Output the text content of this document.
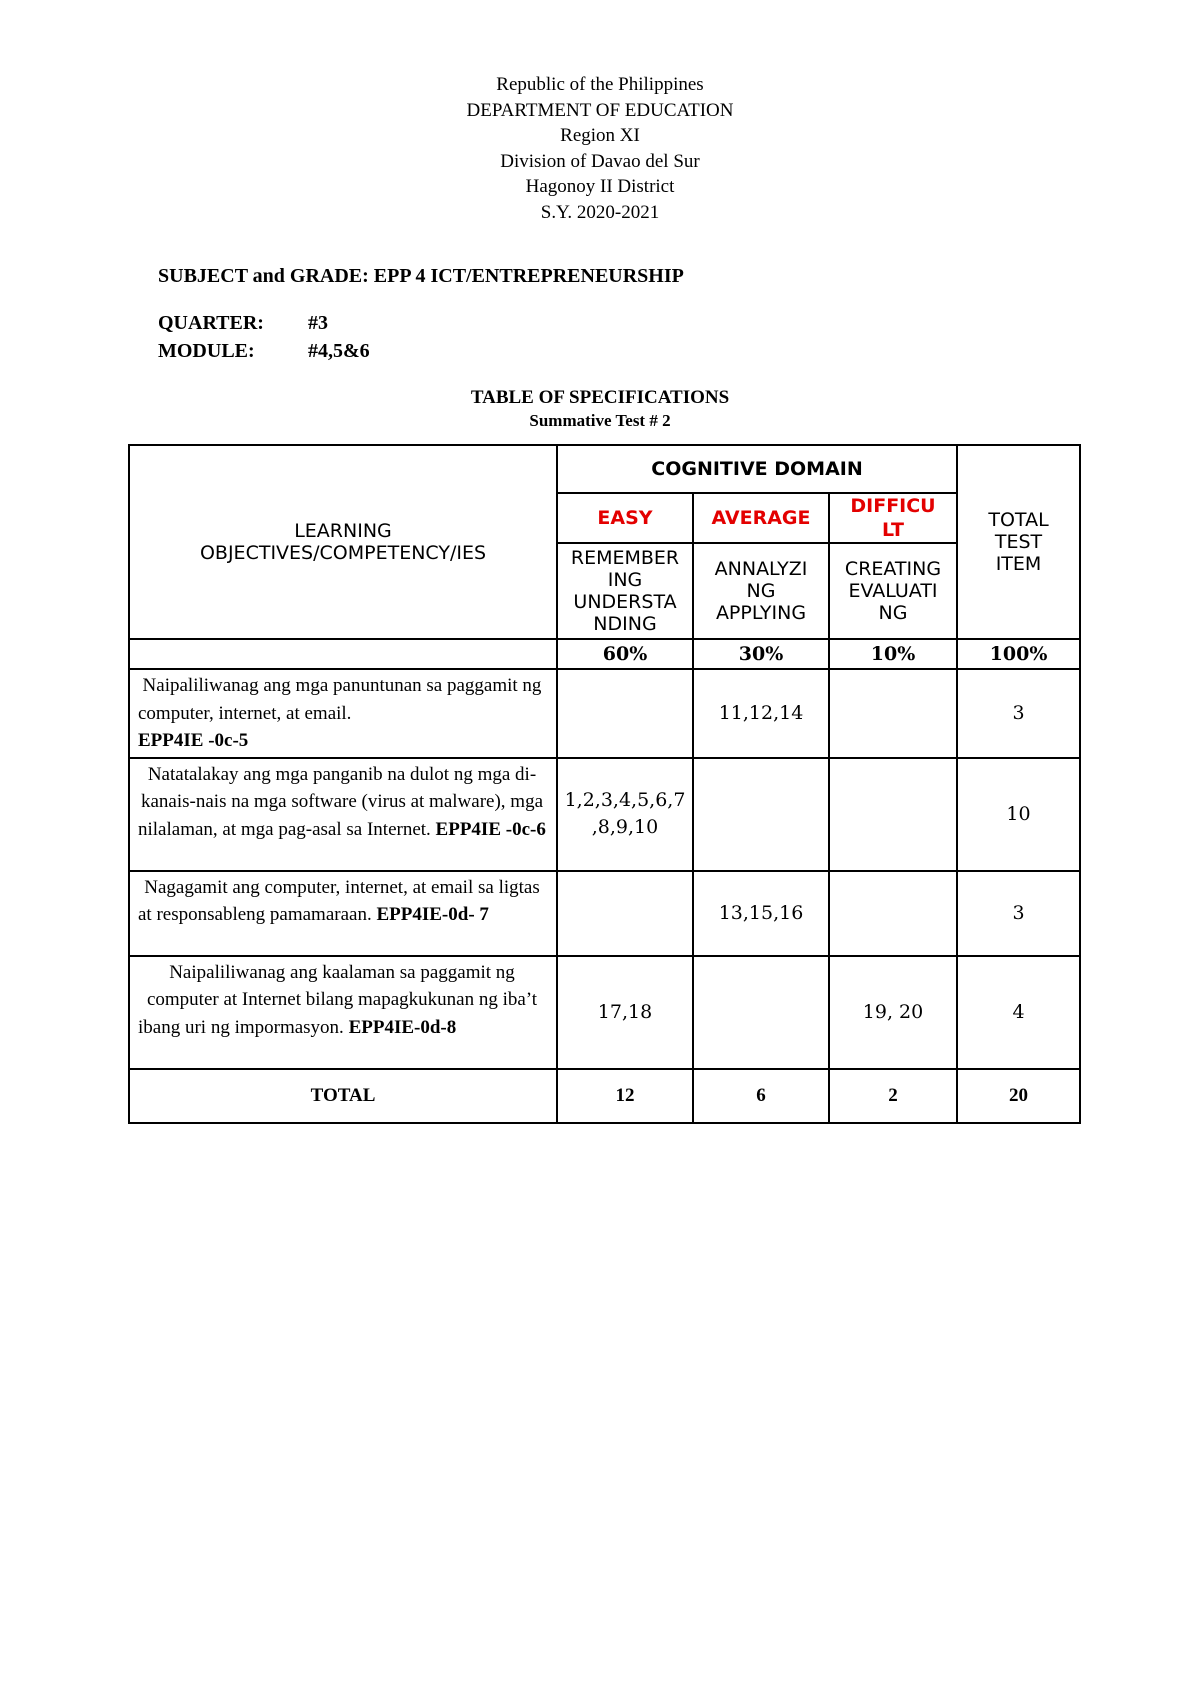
Republic of the Philippines
DEPARTMENT OF EDUCATION
Region XI
Division of Davao del Sur
Hagonoy II District
S.Y. 2020-2021
SUBJECT and GRADE: EPP 4 ICT/ENTREPRENEURSHIP
QUARTER: #3
MODULE:	#4,5&6
TABLE OF SPECIFICATIONS
Summative Test # 2
LEARNING OBJECTIVES/COMPETENCY/IES	COGNITIVE DOMAIN			TOTAL TEST ITEM
	EASY	AVERAGE	DIFFICU LT	
	REMEMBER ING UNDERSTA NDING	ANNALYZI NG APPLYING	CREATING EVALUATI NG	
	60%	30%	10%	100%
Naipaliliwanag ang mga panuntunan sa paggamit ng computer, internet, at email.
EPP4IE -0c-5		11,12,14		3
Natatalakay ang mga panganib na dulot ng mga di-kanais-nais na mga software (virus at malware), mga nilalaman, at mga pag-asal sa Internet. EPP4IE -0c-6	1,2,3,4,5,6,7 ,8,9,10			10
Nagagamit ang computer, internet, at email sa ligtas at responsableng pamamaraan. EPP4IE-0d- 7		13,15,16		3
Naipaliliwanag ang kaalaman sa paggamit ng computer at Internet bilang mapagkukunan ng iba’t ibang uri ng impormasyon. EPP4IE-0d-8	17,18		19, 20	4
TOTAL	12	6	2	20
